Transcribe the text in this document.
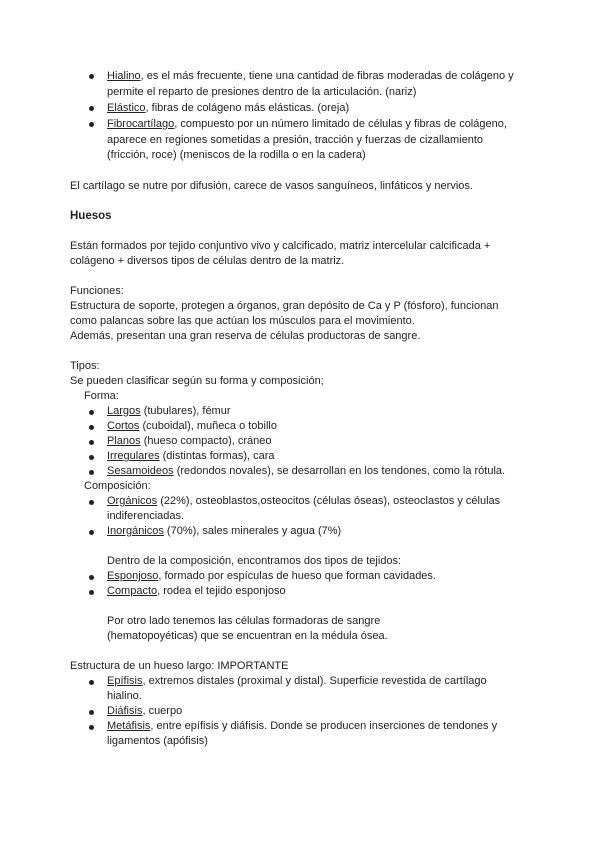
Hialino, es el más frecuente, tiene una cantidad de fibras moderadas de colágeno y
permite el reparto de presiones dentro de la articulación. (nariz)
Elástico, fibras de colágeno más elásticas. (oreja)
Fibrocartílago, compuesto por un número limitado de células y fibras de colágeno,
aparece en regiones sometidas a presión, tracción y fuerzas de cizallamiento
(fricción, roce) (meniscos de la rodilla o en la cadera)
El cartílago se nutre por difusión, carece de vasos sanguíneos, linfáticos y nervios.
Huesos
Están formados por tejido conjuntivo vivo y calcificado, matriz intercelular calcificada +
colágeno + diversos tipos de células dentro de la matriz.
Funciones:
Estructura de soporte, protegen a órganos, gran depósito de Ca y P (fósforo), funcionan
como palancas sobre las que actúan los músculos para el movimiento.
Además, presentan una gran reserva de células productoras de sangre.
Tipos:
Se pueden clasificar según su forma y composición;
Forma:
Largos (tubulares), fémur
Cortos (cuboidal), muñeca o tobillo
Planos (hueso compacto), cráneo
Irregulares (distintas formas), cara
Sesamoideos (redondos novales), se desarrollan en los tendones, como la rótula.
Composición:
Orgánicos (22%), osteoblastos,osteocitos (células óseas), osteoclastos y células
indiferenciadas.
Inorgánicos (70%), sales minerales y agua (7%)
Dentro de la composición, encontramos dos tipos de tejidos:
Esponjoso, formado por espículas de hueso que forman cavidades.
Compacto, rodea el tejido esponjoso
Por otro lado tenemos las células formadoras de sangre
(hematopoyéticas) que se encuentran en la médula ósea.
Estructura de un hueso largo: IMPORTANTE
Epífisis, extremos distales (proximal y distal). Superficie revestida de cartílago
hialino.
Diáfisis, cuerpo
Metáfisis, entre epífisis y diáfisis. Donde se producen inserciones de tendones y
ligamentos (apófisis)
